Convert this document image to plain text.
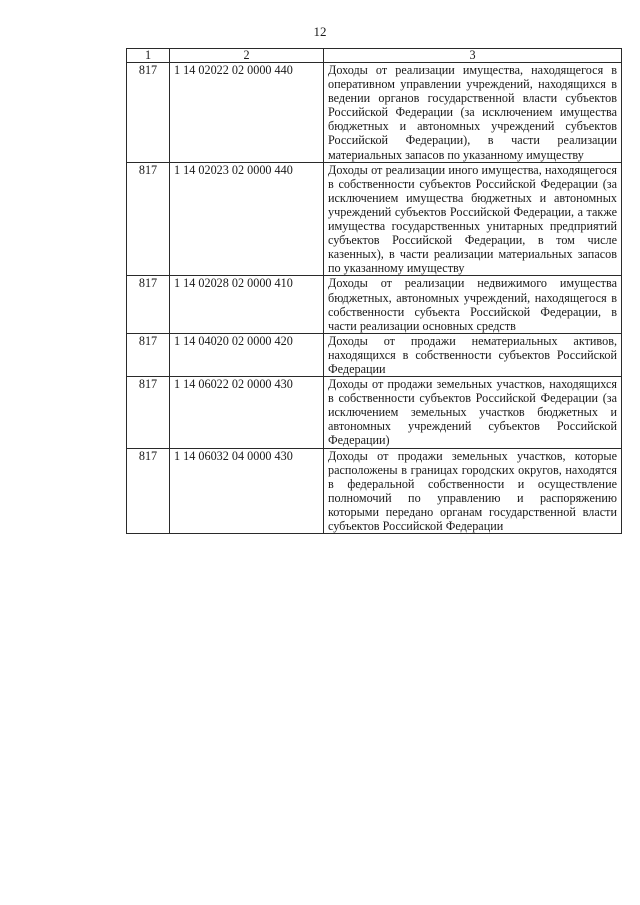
12
1	2	3
817	1 14 02022 02 0000 440	Доходы от реализации имущества, находящегося в оперативном управлении учреждений, находящихся в ведении органов государственной власти субъектов Российской Федерации (за исключением имущества бюджетных и автономных учреждений субъектов Российской Федерации), в части реализации материальных запасов по указанному имуществу
817	1 14 02023 02 0000 440	Доходы от реализации иного имущества, находящегося в собственности субъектов Российской Федерации (за исключением имущества бюджетных и автономных учреждений субъектов Российской Федерации, а также имущества государственных унитарных предприятий субъектов Российской Федерации, в том числе казенных), в части реализации материальных запасов по указанному имуществу
817	1 14 02028 02 0000 410	Доходы от реализации недвижимого имущества бюджетных, автономных учреждений, находящегося в собственности субъекта Российской Федерации, в части реализации основных средств
817	1 14 04020 02 0000 420	Доходы от продажи нематериальных активов, находящихся в собственности субъектов Российской Федерации
817	1 14 06022 02 0000 430	Доходы от продажи земельных участков, находящихся в собственности субъектов Российской Федерации (за исключением земельных участков бюджетных и автономных учреждений субъектов Российской Федерации)
817	1 14 06032 04 0000 430	Доходы от продажи земельных участков, которые расположены в границах городских округов, находятся в федеральной собственности и осуществление полномочий по управлению и распоряжению которыми передано органам государственной власти субъектов Российской Федерации
